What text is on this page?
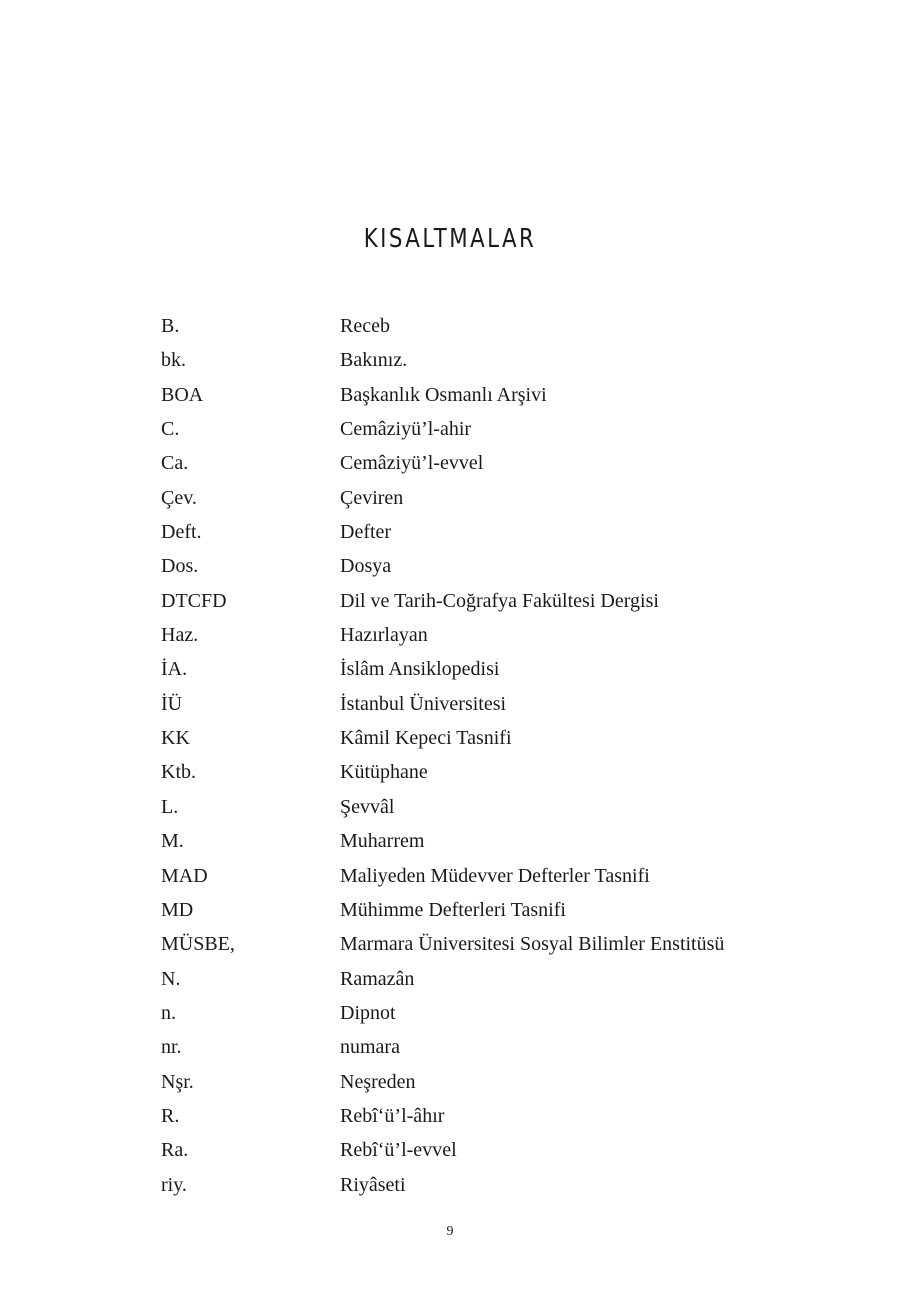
KISALTMALAR
B.	Receb
bk.	Bakınız.
BOA	Başkanlık Osmanlı Arşivi
C.	Cemâziyü’l-ahir
Ca.	Cemâziyü’l-evvel
Çev.	Çeviren
Deft.	Defter
Dos.	Dosya
DTCFD	Dil ve Tarih-Coğrafya Fakültesi Dergisi
Haz.	Hazırlayan
İA.	İslâm Ansiklopedisi
İÜ	İstanbul Üniversitesi
KK	Kâmil Kepeci Tasnifi
Ktb.	Kütüphane
L.	Şevvâl
M.	Muharrem
MAD	Maliyeden Müdevver Defterler Tasnifi
MD	Mühimme Defterleri Tasnifi
MÜSBE,	Marmara Üniversitesi Sosyal Bilimler Enstitüsü
N.	Ramazân
n.	Dipnot
nr.	numara
Nşr.	Neşreden
R.	Rebî‘ü’l-âhır
Ra.	Rebî‘ü’l-evvel
riy.	Riyâseti
9
